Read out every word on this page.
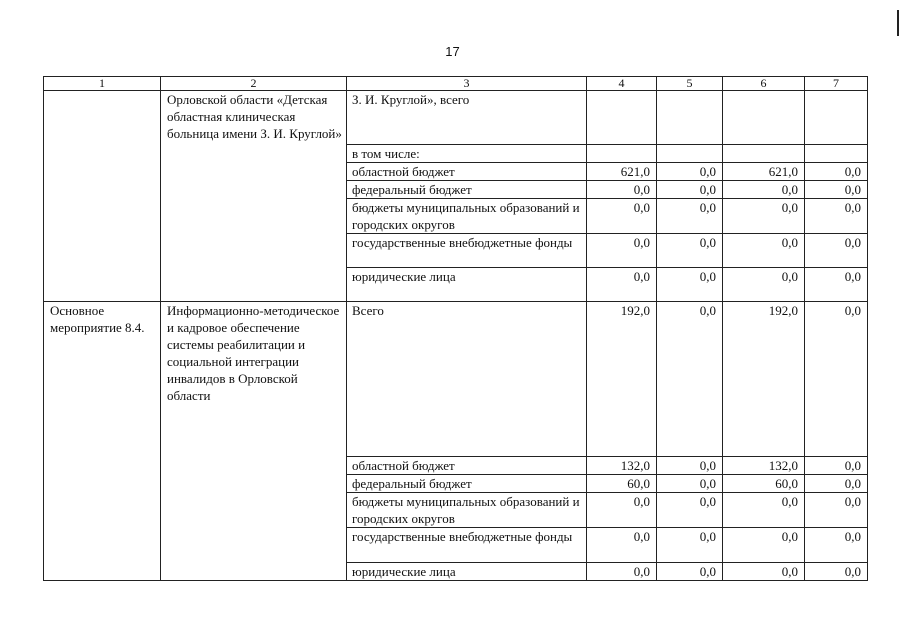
17
1	2	3	4	5	6	7
	Орловской области «Детская областная клиническая больница имени З. И. Круглой»	З. И. Круглой», всего				
		в том числе:				
		областной бюджет	621,0	0,0	621,0	0,0
		федеральный бюджет	0,0	0,0	0,0	0,0
		бюджеты муниципальных образований и городских округов	0,0	0,0	0,0	0,0
		государственные внебюджетные фонды	0,0	0,0	0,0	0,0
		юридические лица	0,0	0,0	0,0	0,0
Основное мероприятие 8.4.	Информационно-методическое и кадровое обеспечение системы реабилитации и социальной интеграции инвалидов в Орловской области	Всего	192,0	0,0	192,0	0,0
		областной бюджет	132,0	0,0	132,0	0,0
		федеральный бюджет	60,0	0,0	60,0	0,0
		бюджеты муниципальных образований и городских округов	0,0	0,0	0,0	0,0
		государственные внебюджетные фонды	0,0	0,0	0,0	0,0
		юридические лица	0,0	0,0	0,0	0,0
